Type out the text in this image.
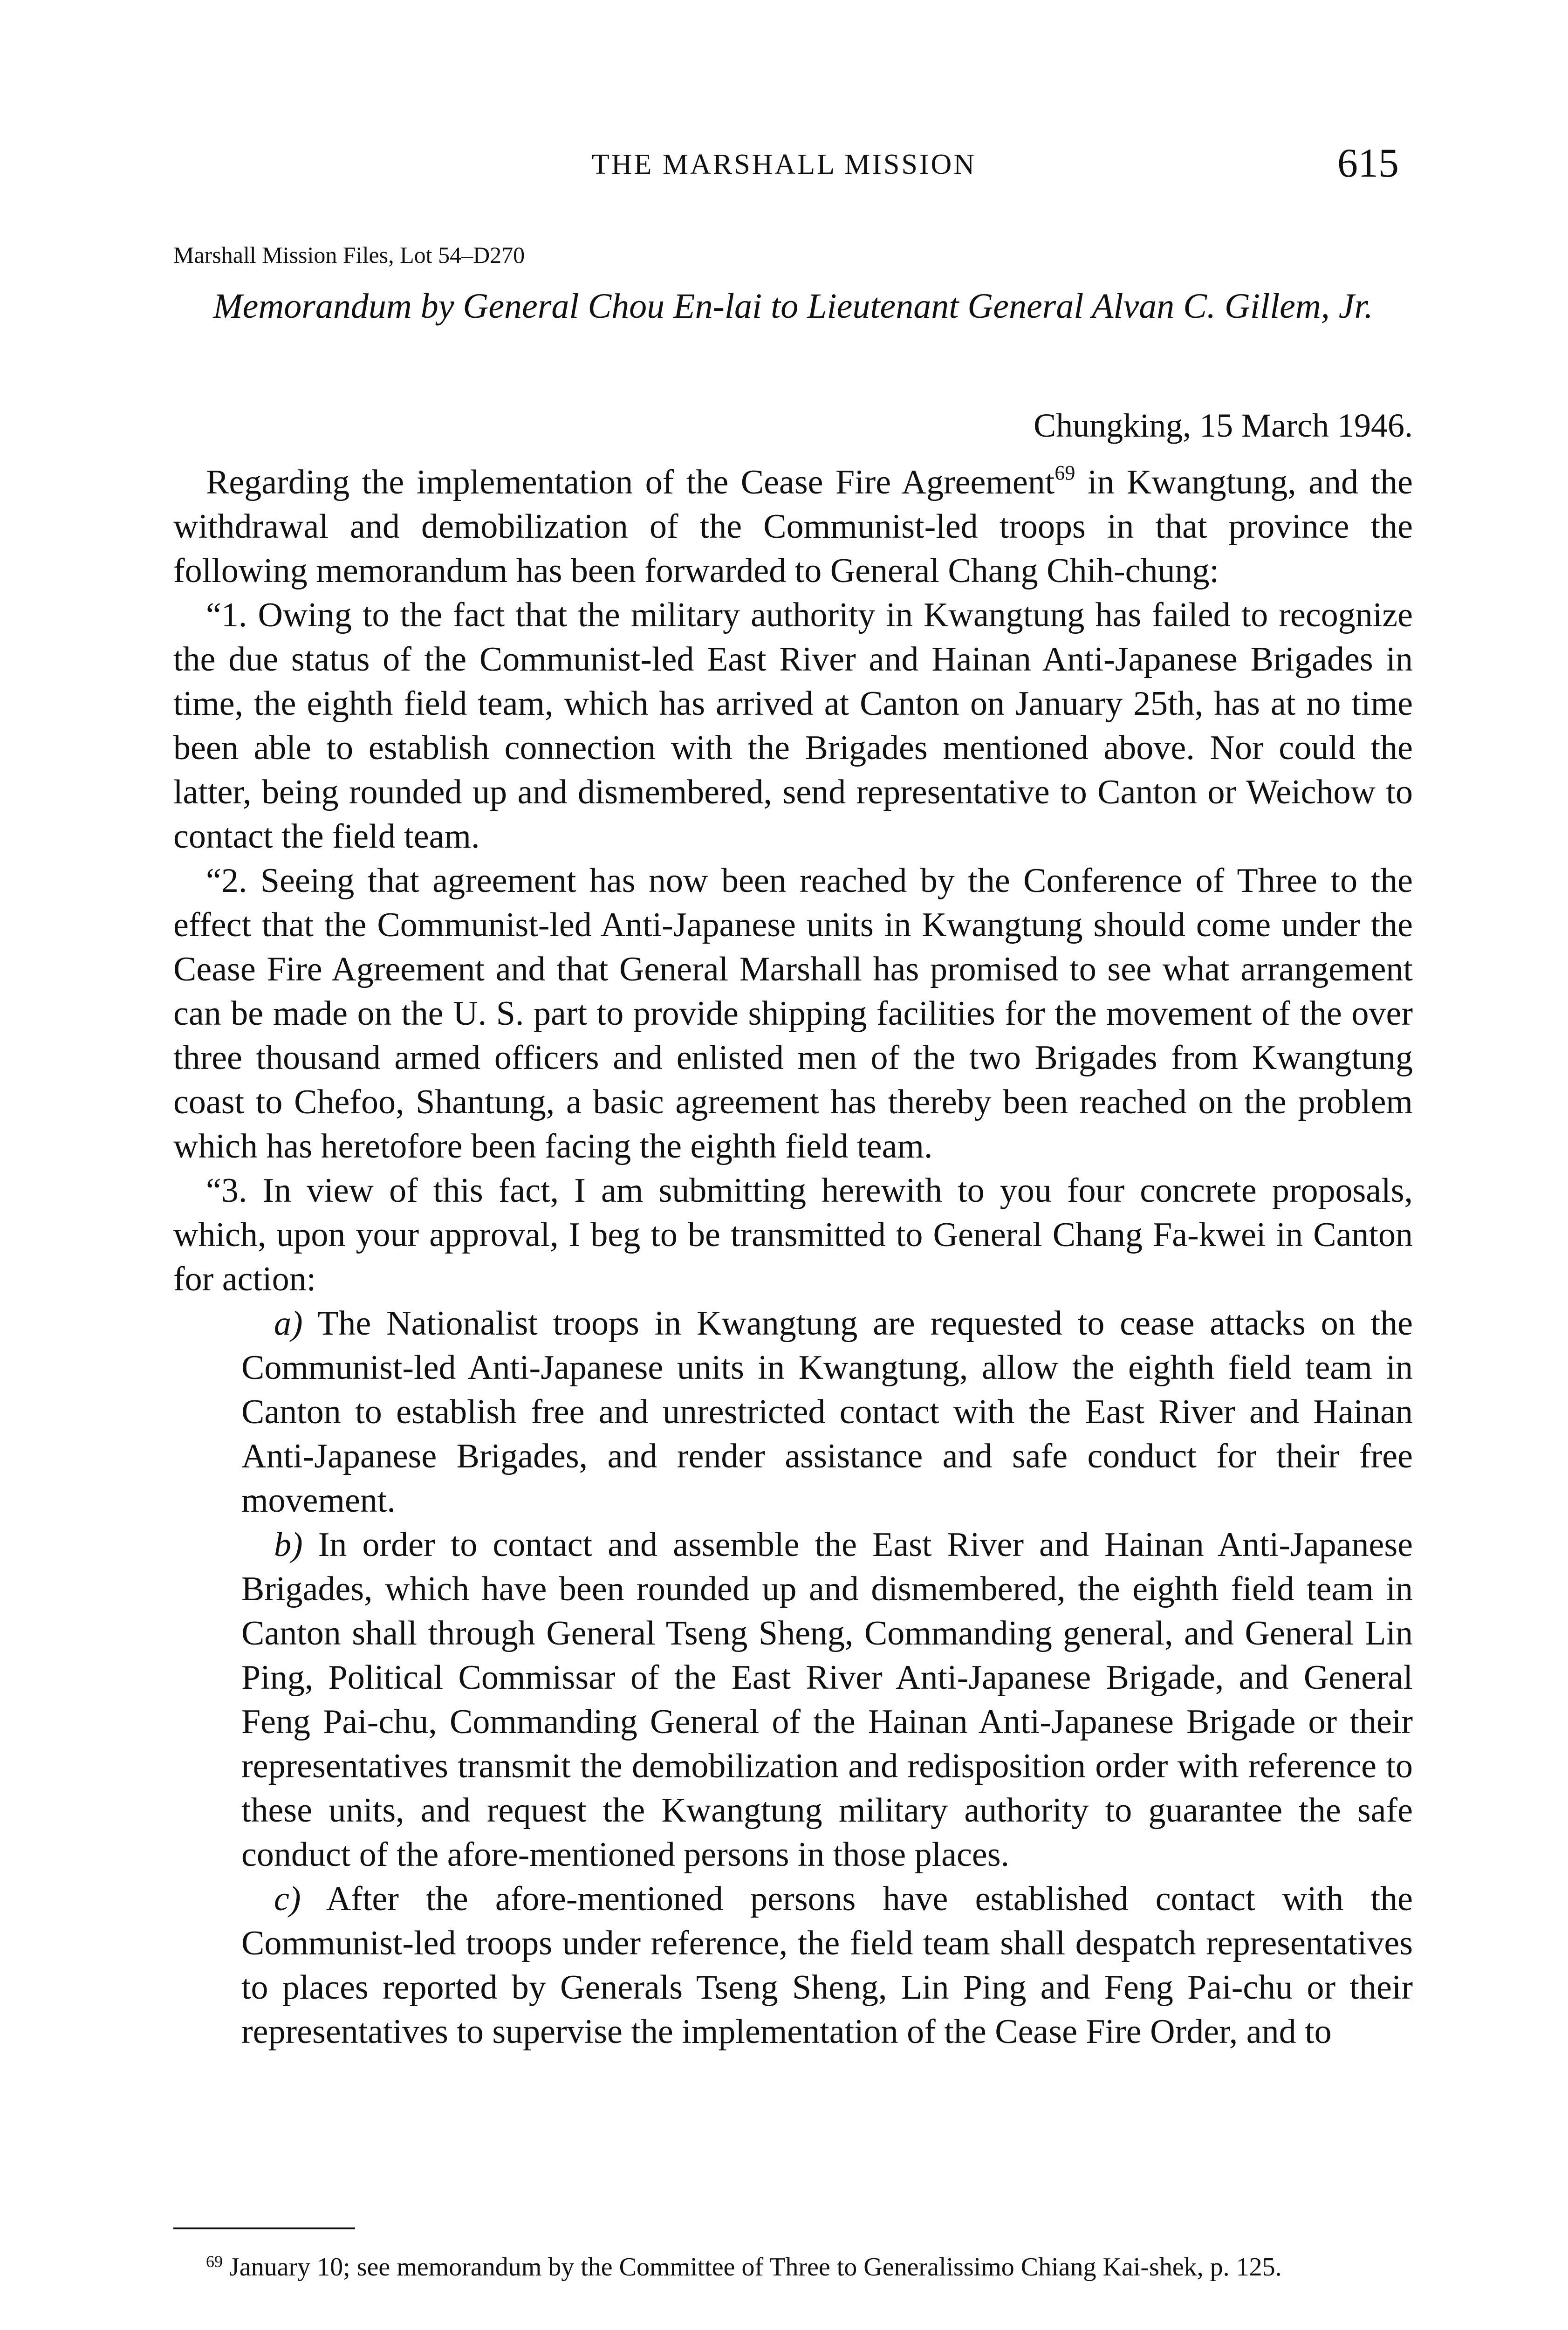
THE MARSHALL MISSION	615
Marshall Mission Files, Lot 54–D270
Memorandum by General Chou En-lai to Lieutenant General Alvan C. Gillem, Jr.
Chungking, 15 March 1946.

Regarding the implementation of the Cease Fire Agreement$^{69}$ in Kwangtung, and the withdrawal and demobilization of the Communist-led troops in that province the following memorandum has been forwarded to General Chang Chih-chung:

“1. Owing to the fact that the military authority in Kwangtung has failed to recognize the due status of the Communist-led East River and Hainan Anti-Japanese Brigades in time, the eighth field team, which has arrived at Canton on January 25th, has at no time been able to establish connection with the Brigades mentioned above. Nor could the latter, being rounded up and dismembered, send representative to Canton or Weichow to contact the field team.

“2. Seeing that agreement has now been reached by the Conference of Three to the effect that the Communist-led Anti-Japanese units in Kwangtung should come under the Cease Fire Agreement and that General Marshall has promised to see what arrangement can be made on the U. S. part to provide shipping facilities for the movement of the over three thousand armed officers and enlisted men of the two Brigades from Kwangtung coast to Chefoo, Shantung, a basic agreement has thereby been reached on the problem which has heretofore been facing the eighth field team.

“3. In view of this fact, I am submitting herewith to you four concrete proposals, which, upon your approval, I beg to be transmitted to General Chang Fa-kwei in Canton for action:

a) The Nationalist troops in Kwangtung are requested to cease attacks on the Communist-led Anti-Japanese units in Kwangtung, allow the eighth field team in Canton to establish free and unrestricted contact with the East River and Hainan Anti-Japanese Brigades, and render assistance and safe conduct for their free movement.

b) In order to contact and assemble the East River and Hainan Anti-Japanese Brigades, which have been rounded up and dismembered, the eighth field team in Canton shall through General Tseng Sheng, Commanding general, and General Lin Ping, Political Commissar of the East River Anti-Japanese Brigade, and General Feng Pai-chu, Commanding General of the Hainan Anti-Japanese Brigade or their representatives transmit the demobilization and redisposition order with reference to these units, and request the Kwangtung military authority to guarantee the safe conduct of the afore-mentioned persons in those places.

c) After the afore-mentioned persons have established contact with the Communist-led troops under reference, the field team shall despatch representatives to places reported by Generals Tseng Sheng, Lin Ping and Feng Pai-chu or their representatives to supervise the implementation of the Cease Fire Order, and to

$^{69}$ January 10; see memorandum by the Committee of Three to Generalissimo Chiang Kai-shek, p. 125.
